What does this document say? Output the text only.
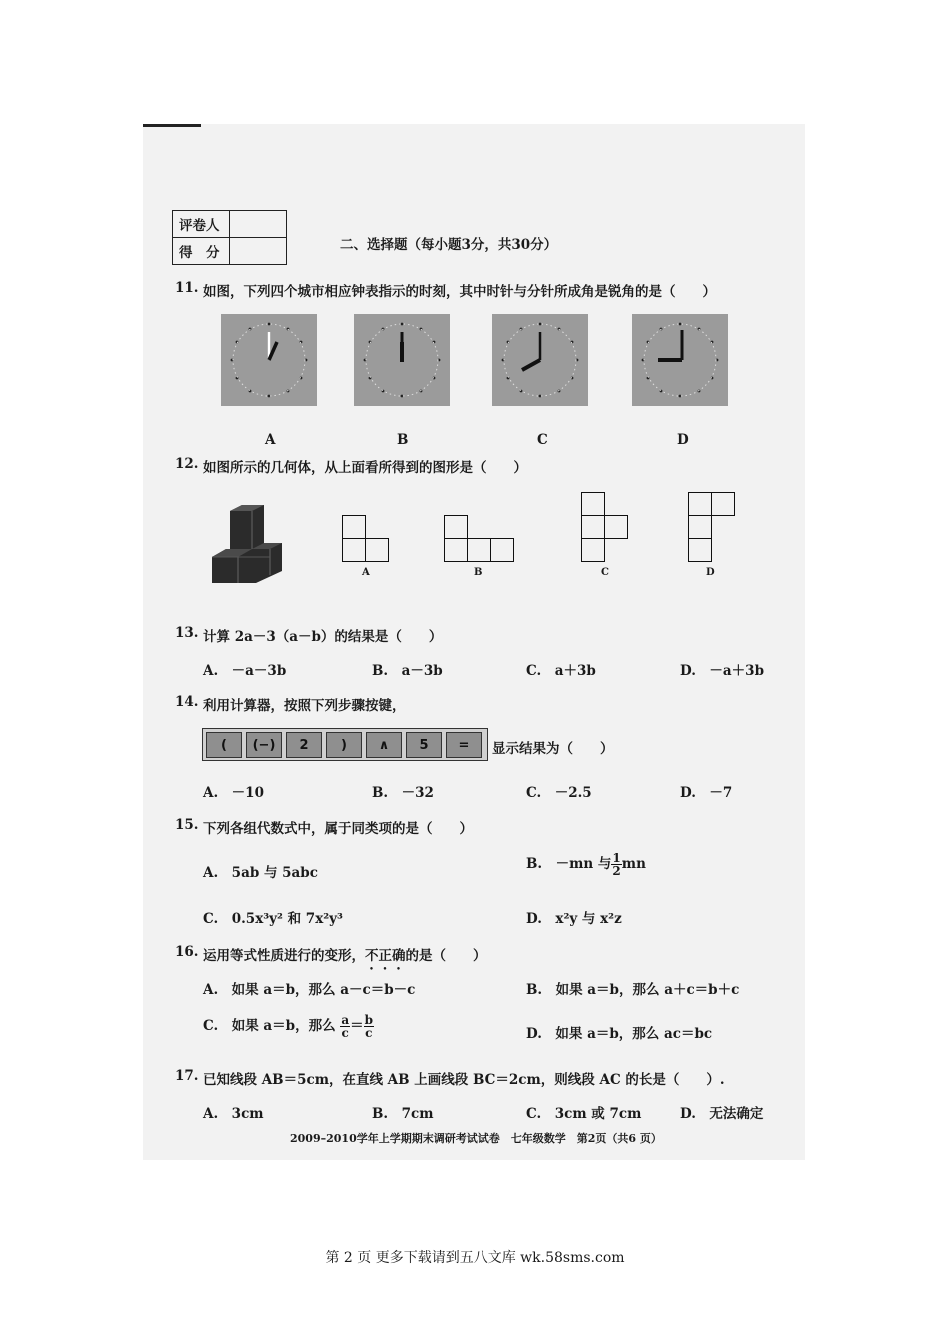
评卷人	
得　分		二、选择题（每小题3分，共30分）
11. 如图，下列四个城市相应钟表指示的时刻，其中时针与分针所成角是锐角的是（　　）
A	B	C	D
12. 如图所示的几何体，从上面看所得到的图形是（　　）
A	B	C	D
13. 计算 2a－3（a－b）的结果是（　　）
A.　－a－3b	B.　a－3b	C.　a＋3b	D.　－a＋3b
14. 利用计算器，按照下列步骤按键，
(	(−)	2	)	∧	5	=	显示结果为（　　）
A.　－10	B.　－32	C.　－2.5	D.　－7
15. 下列各组代数式中，属于同类项的是（　　）
A.　5ab 与 5abc
B.　－mn 与 $\frac{1}{2}$ mn
C.　0.5x³y² 和 7x²y³	D.　x²y 与 x²z
16. 运用等式性质进行的变形，不正确的是（　　）
A.　如果 a＝b，那么 a－c＝b－c	B.　如果 a＝b，那么 a＋c＝b＋c
C.　如果 a＝b，那么 $\frac{a}{c} = \frac{b}{c}$	D.　如果 a＝b，那么 ac＝bc
17. 已知线段 AB＝5cm，在直线 AB 上画线段 BC＝2cm，则线段 AC 的长是（　　）.
A.　3cm	B.　7cm	C.　3cm 或 7cm	D.　无法确定
2009–2010学年上学期期末调研考试试卷　七年级数学　第2页（共6 页）
第 2 页 更多下载请到五八文库 wk.58sms.com
